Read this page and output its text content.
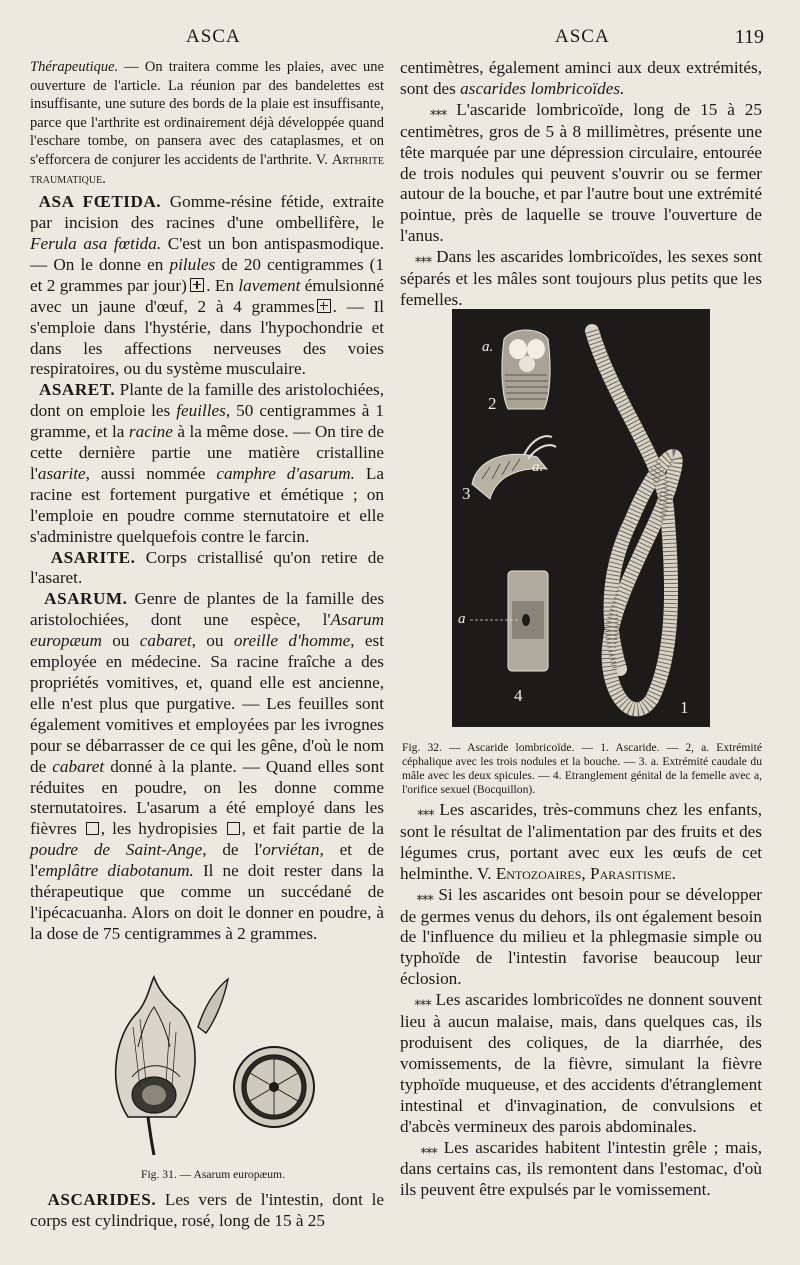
ASCA	ASCA	119

Thérapeutique. — On traitera comme les plaies, avec une ouverture de l'article. La réunion par des bandelettes est insuffisante, une suture des bords de la plaie est insuffisante, parce que l'arthrite est ordinairement déjà développée quand l'eschare tombe, on pansera avec des cataplasmes, et on s'efforcera de conjurer les accidents de l'arthrite. V. Arthrite traumatique.

ASA FŒTIDA. Gomme-résine fétide, extraite par incision des racines d'une ombellifère, le Ferula asa fœtida. C'est un bon antispasmodique. — On le donne en pilules de 20 centigrammes (1 et 2 grammes par jour)  . En lavement émulsionné avec un jaune d'œuf, 2 à 4 grammes . — Il s'emploie dans l'hystérie, dans l'hypochondrie et dans les affections nerveuses des voies respiratoires, ou du système musculaire.

ASARET. Plante de la famille des aristolochiées, dont on emploie les feuilles, 50 centigrammes à 1 gramme, et la racine à la même dose. — On tire de cette dernière partie une matière cristalline l'asarite, aussi nommée camphre d'asarum. La racine est fortement purgative et émétique ; on l'emploie en poudre comme sternutatoire et elle s'administre quelquefois contre le farcin.

ASARITE. Corps cristallisé qu'on retire de l'asaret.

ASARUM. Genre de plantes de la famille des aristolochiées, dont une espèce, l'Asarum europæum ou cabaret, ou oreille d'homme, est employée en médecine. Sa racine fraîche a des propriétés vomitives, et, quand elle est ancienne, elle n'est plus que purgative. — Les feuilles sont également vomitives et employées par les ivrognes pour se débarrasser de ce qui les gêne, d'où le nom de cabaret donné à la plante. — Quand elles sont réduites en poudre, on les donne comme sternutatoires. L'asarum a été employé dans les fièvres , les hydropisies , et fait partie de la poudre de Saint-Ange, de l'orviétan, et de l'emplâtre diabotanum. Il ne doit rester dans la thérapeutique que comme un succédané de l'ipécacuanha. Alors on doit le donner en poudre, à la dose de 75 centigrammes à 2 grammes.

Fig. 31. — Asarum europæum.
ASCARIDES. Les vers de l'intestin, dont le corps est cylindrique, rosé, long de 15 à 25

centimètres, également aminci aux deux extrémités, sont des ascarides lombricoïdes.

⁎⁎⁎ L'ascaride lombricoïde, long de 15 à 25 centimètres, gros de 5 à 8 millimètres, présente une tête marquée par une dépression circulaire, entourée de trois nodules qui peuvent s'ouvrir ou se fermer autour de la bouche, et par l'autre bout une extrémité pointue, près de laquelle se trouve l'ouverture de l'anus.

⁎⁎⁎ Dans les ascarides lombricoïdes, les sexes sont séparés et les mâles sont toujours plus petits que les femelles.

a.
a.
a
2
3
4
1
Fig. 32. — Ascaride lombricoïde. — 1. Ascaride. — 2, a. Extrémité céphalique avec les trois nodules et la bouche. — 3. a. Extrémité caudale du mâle avec les deux spicules. — 4. Etranglement génital de la femelle avec a, l'orifice sexuel (Bocquillon).

⁎⁎⁎ Les ascarides, très-communs chez les enfants, sont le résultat de l'alimentation par des fruits et des légumes crus, portant avec eux les œufs de cet helminthe. V. Entozoaires, Parasitisme.

⁎⁎⁎ Si les ascarides ont besoin pour se développer de germes venus du dehors, ils ont également besoin de l'influence du milieu et la phlegmasie simple ou typhoïde de l'intestin favorise beaucoup leur éclosion.

⁎⁎⁎ Les ascarides lombricoïdes ne donnent souvent lieu à aucun malaise, mais, dans quelques cas, ils produisent des coliques, de la diarrhée, des vomissements, de la fièvre, simulant la fièvre typhoïde muqueuse, et des accidents d'étranglement intestinal et d'invagination, de convulsions et d'abcès vermineux des parois abdominales.

⁎⁎⁎ Les ascarides habitent l'intestin grêle ; mais, dans certains cas, ils remontent dans l'estomac, d'où ils peuvent être expulsés par le vomissement.
